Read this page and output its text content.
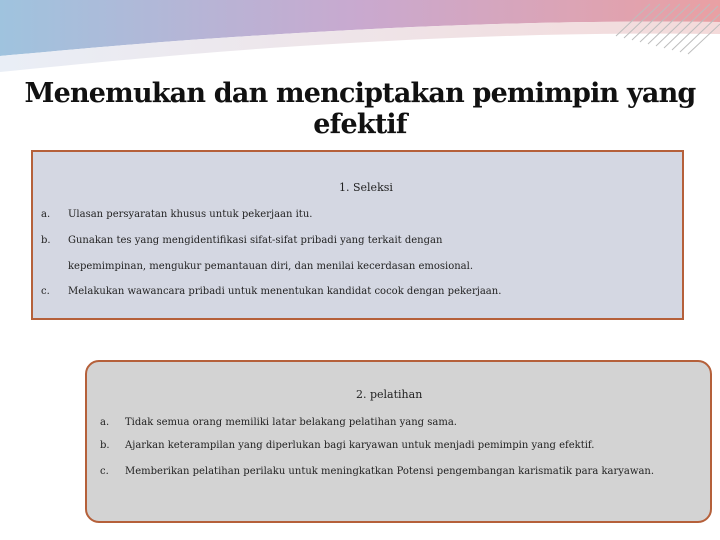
Menemukan dan menciptakan pemimpin yang efektif
1. Seleksi
a. Ulasan persyaratan khusus untuk pekerjaan itu.
b. Gunakan tes yang mengidentifikasi sifat-sifat pribadi yang terkait dengan
kepemimpinan, mengukur pemantauan diri, dan menilai kecerdasan emosional.
c. Melakukan wawancara pribadi untuk menentukan kandidat cocok dengan pekerjaan.
2. pelatihan
a. Tidak semua orang memiliki latar belakang pelatihan yang sama.
b. Ajarkan keterampilan yang diperlukan bagi karyawan untuk menjadi pemimpin yang efektif.
c. Memberikan pelatihan perilaku untuk meningkatkan Potensi pengembangan karismatik para karyawan.
